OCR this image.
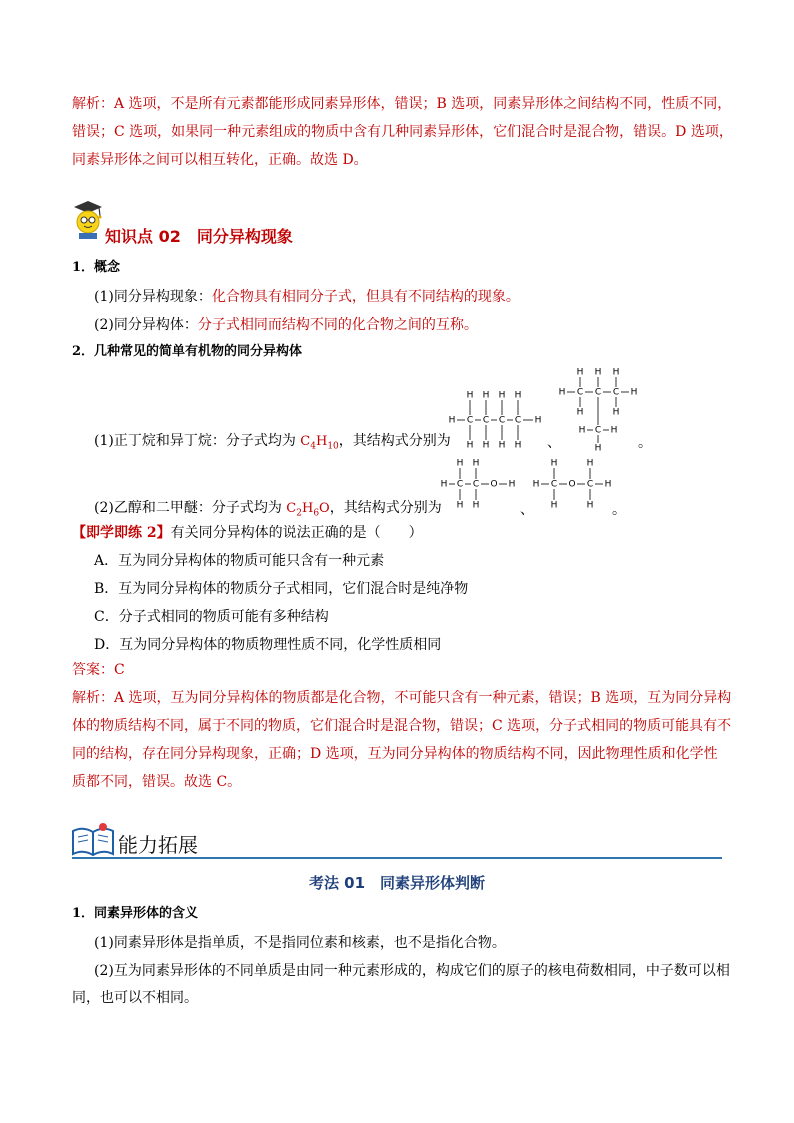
解析：A 选项，不是所有元素都能形成同素异形体，错误；B 选项，同素异形体之间结构不同，性质不同，
错误；C 选项，如果同一种元素组成的物质中含有几种同素异形体，它们混合时是混合物，错误。D 选项，
同素异形体之间可以相互转化，正确。故选 D。
知识点 02　同分异构现象
1．概念
(1)同分异构现象：化合物具有相同分子式，但具有不同结构的现象。
(2)同分异构体：分子式相同而结构不同的化合物之间的互称。
2．几种常见的简单有机物的同分异构体
(1)正丁烷和异丁烷：分子式均为 $C_4H_{10}$，其结构式分别为
H H H H
H C C C C H
H H H H 、
H H H
H C C C H
H	H
H C H
H	。
(2)乙醇和二甲醚：分子式均为 $C_2H_6O$，其结构式分别为
H H
H C C O H
H H	、
H	H
H C O C H
H	H 。
【即学即练 2】有关同分异构体的说法正确的是（　　）
A．互为同分异构体的物质可能只含有一种元素
B．互为同分异构体的物质分子式相同，它们混合时是纯净物
C．分子式相同的物质可能有多种结构
D．互为同分异构体的物质物理性质不同，化学性质相同
答案：C
解析：A 选项，互为同分异构体的物质都是化合物，不可能只含有一种元素，错误；B 选项，互为同分异构
体的物质结构不同，属于不同的物质，它们混合时是混合物，错误；C 选项，分子式相同的物质可能具有不
同的结构，存在同分异构现象，正确；D 选项，互为同分异构体的物质结构不同，因此物理性质和化学性
质都不同，错误。故选 C。
能力拓展
考法 01　同素异形体判断
1．同素异形体的含义
(1)同素异形体是指单质，不是指同位素和核素，也不是指化合物。
(2)互为同素异形体的不同单质是由同一种元素形成的，构成它们的原子的核电荷数相同，中子数可以相
同，也可以不相同。
